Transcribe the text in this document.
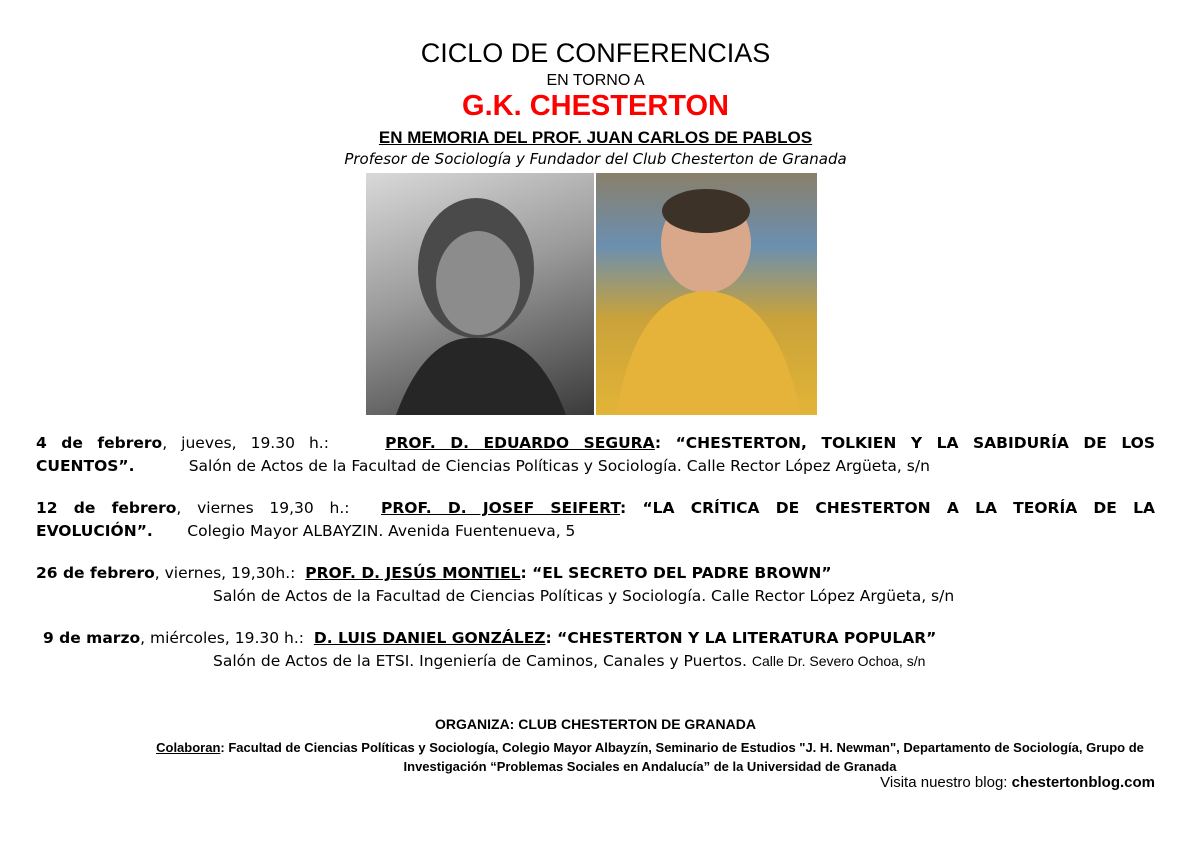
CICLO DE CONFERENCIAS
EN TORNO A
G.K. CHESTERTON
EN MEMORIA DEL PROF. JUAN CARLOS DE PABLOS
Profesor de Sociología y Fundador del Club Chesterton de Granada
4 de febrero, jueves, 19.30 h.:	PROF. D. EDUARDO SEGURA: “CHESTERTON, TOLKIEN Y LA SABIDURÍA DE LOS CUENTOS”.	Salón de Actos de la Facultad de Ciencias Políticas y Sociología. Calle Rector López Argüeta, s/n
12 de febrero, viernes 19,30 h.: PROF. D. JOSEF SEIFERT: “LA CRÍTICA DE CHESTERTON A LA TEORÍA DE LA EVOLUCIÓN”. Colegio Mayor ALBAYZIN. Avenida Fuentenueva, 5
26 de febrero, viernes, 19,30h.: PROF. D. JESÚS MONTIEL: “EL SECRETO DEL PADRE BROWN”
Salón de Actos de la Facultad de Ciencias Políticas y Sociología. Calle Rector López Argüeta, s/n
9 de marzo, miércoles, 19.30 h.: D. LUIS DANIEL GONZÁLEZ: “CHESTERTON Y LA LITERATURA POPULAR”
Salón de Actos de la ETSI. Ingeniería de Caminos, Canales y Puertos. Calle Dr. Severo Ochoa, s/n
ORGANIZA: CLUB CHESTERTON DE GRANADA
Colaboran: Facultad de Ciencias Políticas y Sociología, Colegio Mayor Albayzín, Seminario de Estudios "J. H. Newman", Departamento de Sociología, Grupo de Investigación “Problemas Sociales en Andalucía” de la Universidad de Granada
Visita nuestro blog: chestertonblog.com
